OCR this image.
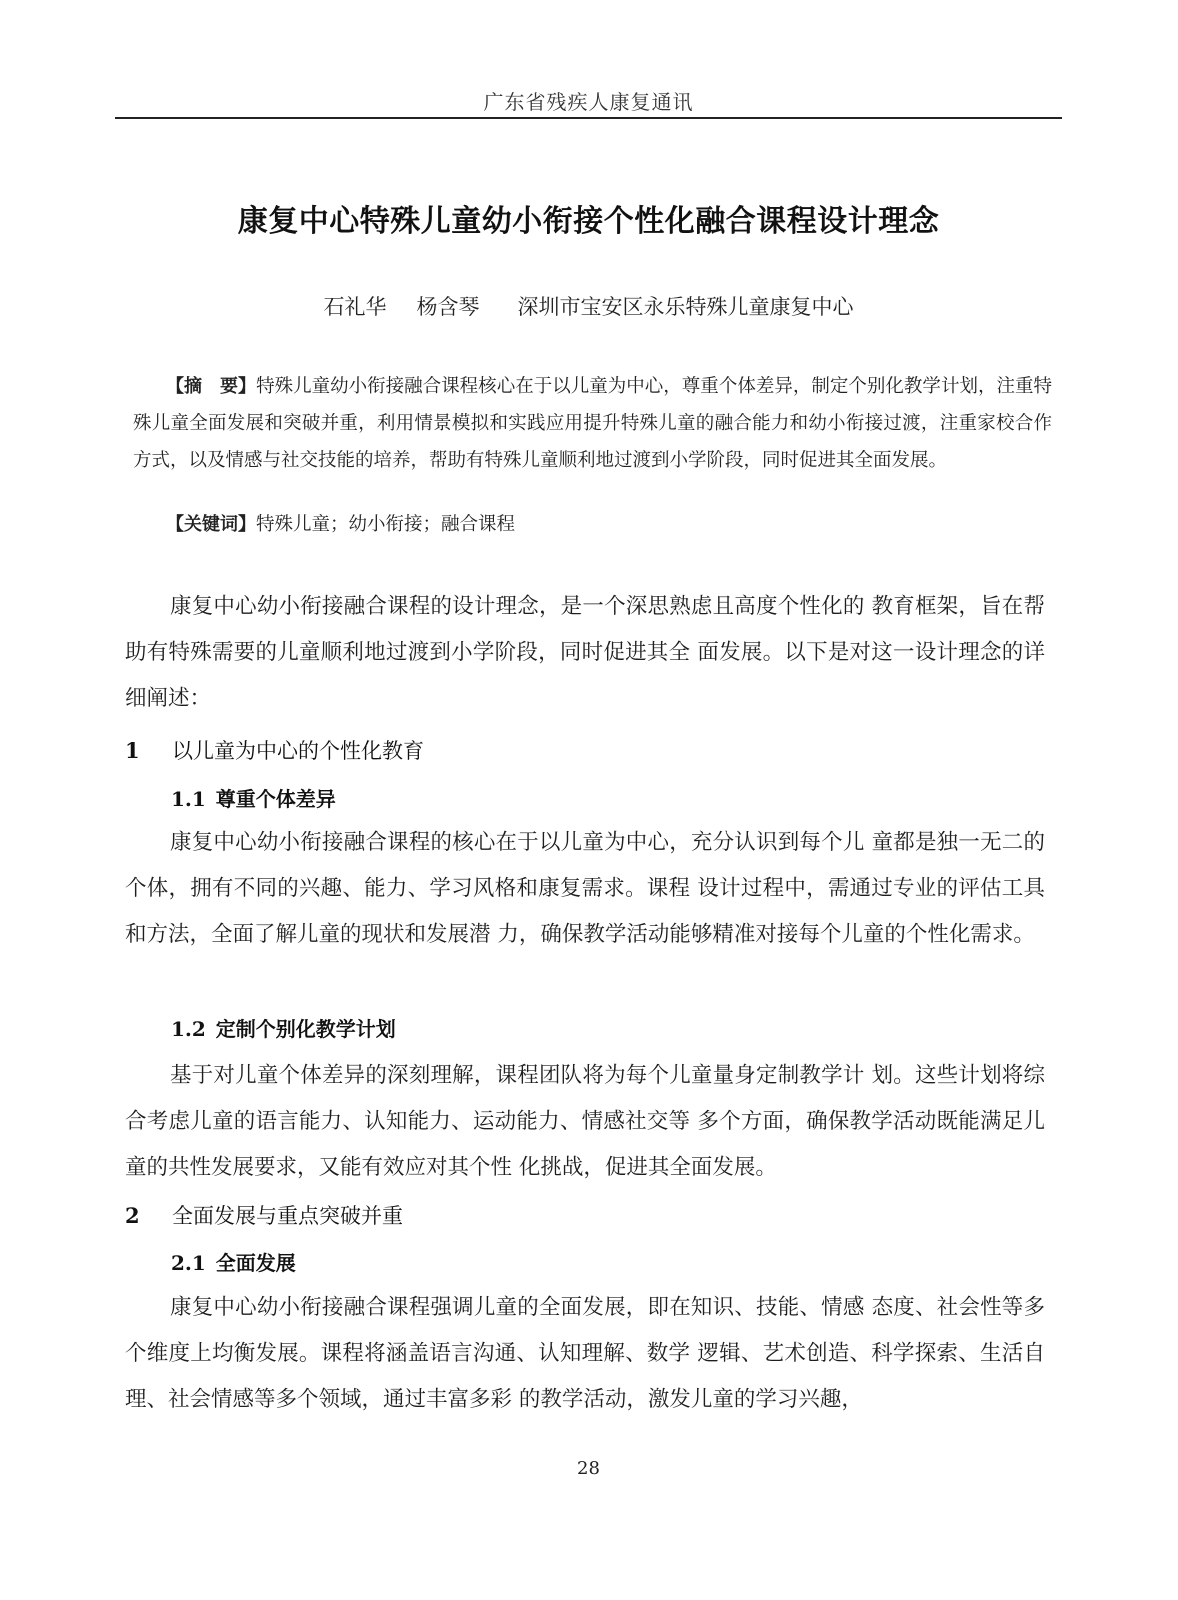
广东省残疾人康复通讯
康复中心特殊儿童幼小衔接个性化融合课程设计理念
石礼华 杨含琴 深圳市宝安区永乐特殊儿童康复中心
【摘　要】特殊儿童幼小衔接融合课程核心在于以儿童为中心，尊重个体差异，制定个别化教学计划，注重特殊儿童全面发展和突破并重，利用情景模拟和实践应用提升特殊儿童的融合能力和幼小衔接过渡，注重家校合作方式，以及情感与社交技能的培养，帮助有特殊儿童顺利地过渡到小学阶段，同时促进其全面发展。
【关键词】特殊儿童；幼小衔接；融合课程
康复中心幼小衔接融合课程的设计理念，是一个深思熟虑且高度个性化的 教育框架，旨在帮助有特殊需要的儿童顺利地过渡到小学阶段，同时促进其全 面发展。以下是对这一设计理念的详细阐述：
1 以儿童为中心的个性化教育
1.1 尊重个体差异
康复中心幼小衔接融合课程的核心在于以儿童为中心，充分认识到每个儿 童都是独一无二的个体，拥有不同的兴趣、能力、学习风格和康复需求。课程 设计过程中，需通过专业的评估工具和方法，全面了解儿童的现状和发展潜 力，确保教学活动能够精准对接每个儿童的个性化需求。
1.2 定制个别化教学计划
基于对儿童个体差异的深刻理解，课程团队将为每个儿童量身定制教学计 划。这些计划将综合考虑儿童的语言能力、认知能力、运动能力、情感社交等 多个方面，确保教学活动既能满足儿童的共性发展要求，又能有效应对其个性 化挑战，促进其全面发展。
2 全面发展与重点突破并重
2.1 全面发展
康复中心幼小衔接融合课程强调儿童的全面发展，即在知识、技能、情感 态度、社会性等多个维度上均衡发展。课程将涵盖语言沟通、认知理解、数学 逻辑、艺术创造、科学探索、生活自理、社会情感等多个领域，通过丰富多彩 的教学活动，激发儿童的学习兴趣，
28
